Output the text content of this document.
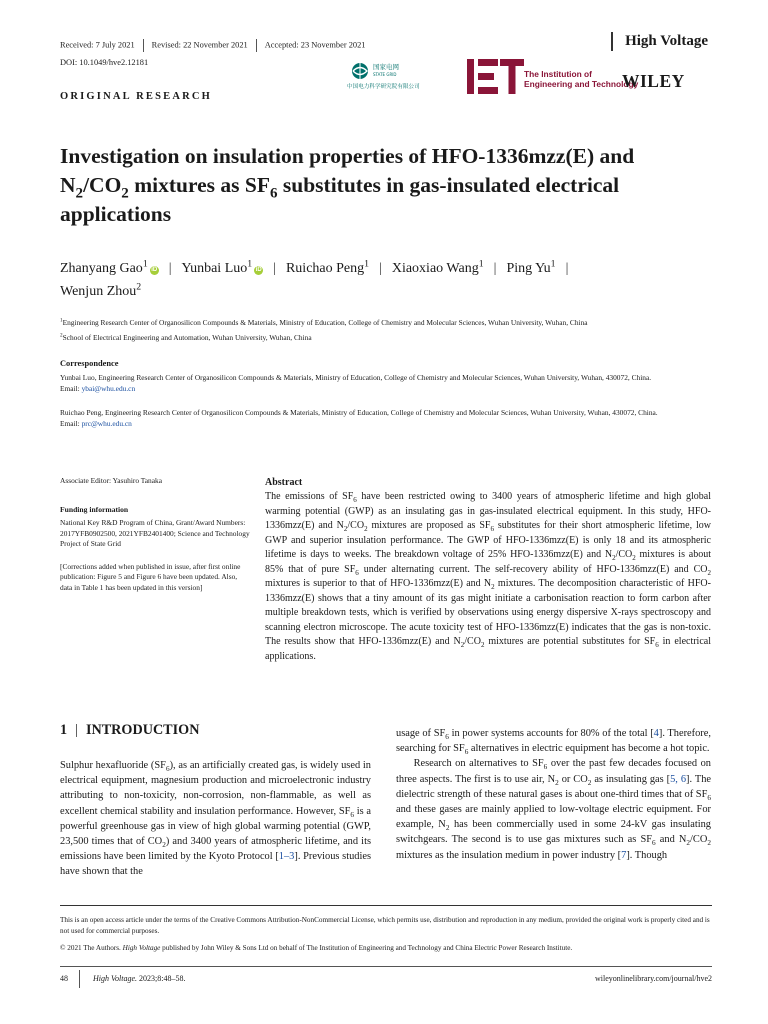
Received: 7 July 2021 Revised: 22 November 2021 Accepted: 23 November 2021	High Voltage
DOI: 10.1049/hve2.12181
ORIGINAL RESEARCH
国家电网
STATE GRID
中国电力科学研究院有限公司
The Institution of
Engineering and Technology
WILEY
Investigation on insulation properties of HFO-1336mzz(E) and
$N_2/CO_2$ mixtures as $SF_6$ substitutes in gas-insulated electrical
applications
Zhanyang Gao$^1$iD | Yunbai Luo$^1$iD | Ruichao Peng$^1$ | Xiaoxiao Wang$^1$ | Ping Yu$^1$ |
Wenjun Zhou$^2$
$^1$Engineering Research Center of Organosilicon Compounds & Materials, Ministry of Education, College of Chemistry and Molecular Sciences, Wuhan University, Wuhan, China
$^2$School of Electrical Engineering and Automation, Wuhan University, Wuhan, China
Correspondence
Yunbai Luo, Engineering Research Center of Organosilicon Compounds & Materials, Ministry of Education, College of Chemistry and Molecular Sciences, Wuhan University, Wuhan, 430072, China.
Email: ybai@whu.edu.cn
Ruichao Peng, Engineering Research Center of Organosilicon Compounds & Materials, Ministry of Education, College of Chemistry and Molecular Sciences, Wuhan University, Wuhan, 430072, China.
Email: prc@whu.edu.cn
Associate Editor: Yasuhiro Tanaka
Funding information
National Key R&D Program of China, Grant/Award Numbers: 2017YFB0902500, 2021YFB2401400; Science and Technology Project of State Grid
[Corrections added when published in issue, after first online publication: Figure 5 and Figure 6 have been updated. Also, data in Table 1 has been updated in this version]
Abstract
The emissions of $SF_6$ have been restricted owing to 3400 years of atmospheric lifetime and high global warming potential (GWP) as an insulating gas in gas-insulated electrical equipment. In this study, HFO-1336mzz(E) and $N_2/CO_2$ mixtures are proposed as $SF_6$ substitutes for their short atmospheric lifetime, low GWP and superior insulation performance. The GWP of HFO-1336mzz(E) is only 18 and its atmospheric lifetime is days to weeks. The breakdown voltage of 25% HFO-1336mzz(E) and $N_2/CO_2$ mixtures is about 85% that of pure $SF_6$ under alternating current. The self-recovery ability of HFO-1336mzz(E) and $CO_2$ mixtures is superior to that of HFO-1336mzz(E) and $N_2$ mixtures. The decomposition characteristic of HFO-1336mzz(E) shows that a tiny amount of its gas might initiate a carbonisation reaction to form carbon after multiple breakdown tests, which is verified by observations using energy dispersive X-rays spectroscopy and scanning electron microscope. The acute toxicity test of HFO-1336mzz(E) indicates that the gas is non-toxic. The results show that HFO-1336mzz(E) and $N_2/CO_2$ mixtures are potential substitutes for $SF_6$ in electrical applications.
1 | INTRODUCTION
Sulphur hexafluoride $(SF_6)$, as an artificially created gas, is widely used in electrical equipment, magnesium production and microelectronic industry attributing to non-toxicity, non-corrosion, non-flammable, as well as excellent chemical stability and insulation performance. However, $SF_6$ is a powerful greenhouse gas in view of high global warming potential (GWP, 23,500 times that of $CO_2$) and 3400 years of atmospheric lifetime, and its emissions have been limited by the Kyoto Protocol [1–3]. Previous studies have shown that the
usage of $SF_6$ in power systems accounts for 80% of the total [4]. Therefore, searching for $SF_6$ alternatives in electric equipment has become a hot topic.
Research on alternatives to $SF_6$ over the past few decades focused on three aspects. The first is to use air, $N_2$ or $CO_2$ as insulating gas [5, 6]. The dielectric strength of these natural gases is about one-third times that of $SF_6$ and these gases are mainly applied to low-voltage electric equipment. For example, $N_2$ has been commercially used in some 24-kV gas insulating switchgears. The second is to use gas mixtures such as $SF_6$ and $N_2/CO_2$ mixtures as the insulation medium in power industry [7]. Though
This is an open access article under the terms of the Creative Commons Attribution-NonCommercial License, which permits use, distribution and reproduction in any medium, provided the original work is properly cited and is not used for commercial purposes.
© 2021 The Authors. High Voltage published by John Wiley & Sons Ltd on behalf of The Institution of Engineering and Technology and China Electric Power Research Institute.
48	High Voltage. 2023;8:48–58.	wileyonlinelibrary.com/journal/hve2
